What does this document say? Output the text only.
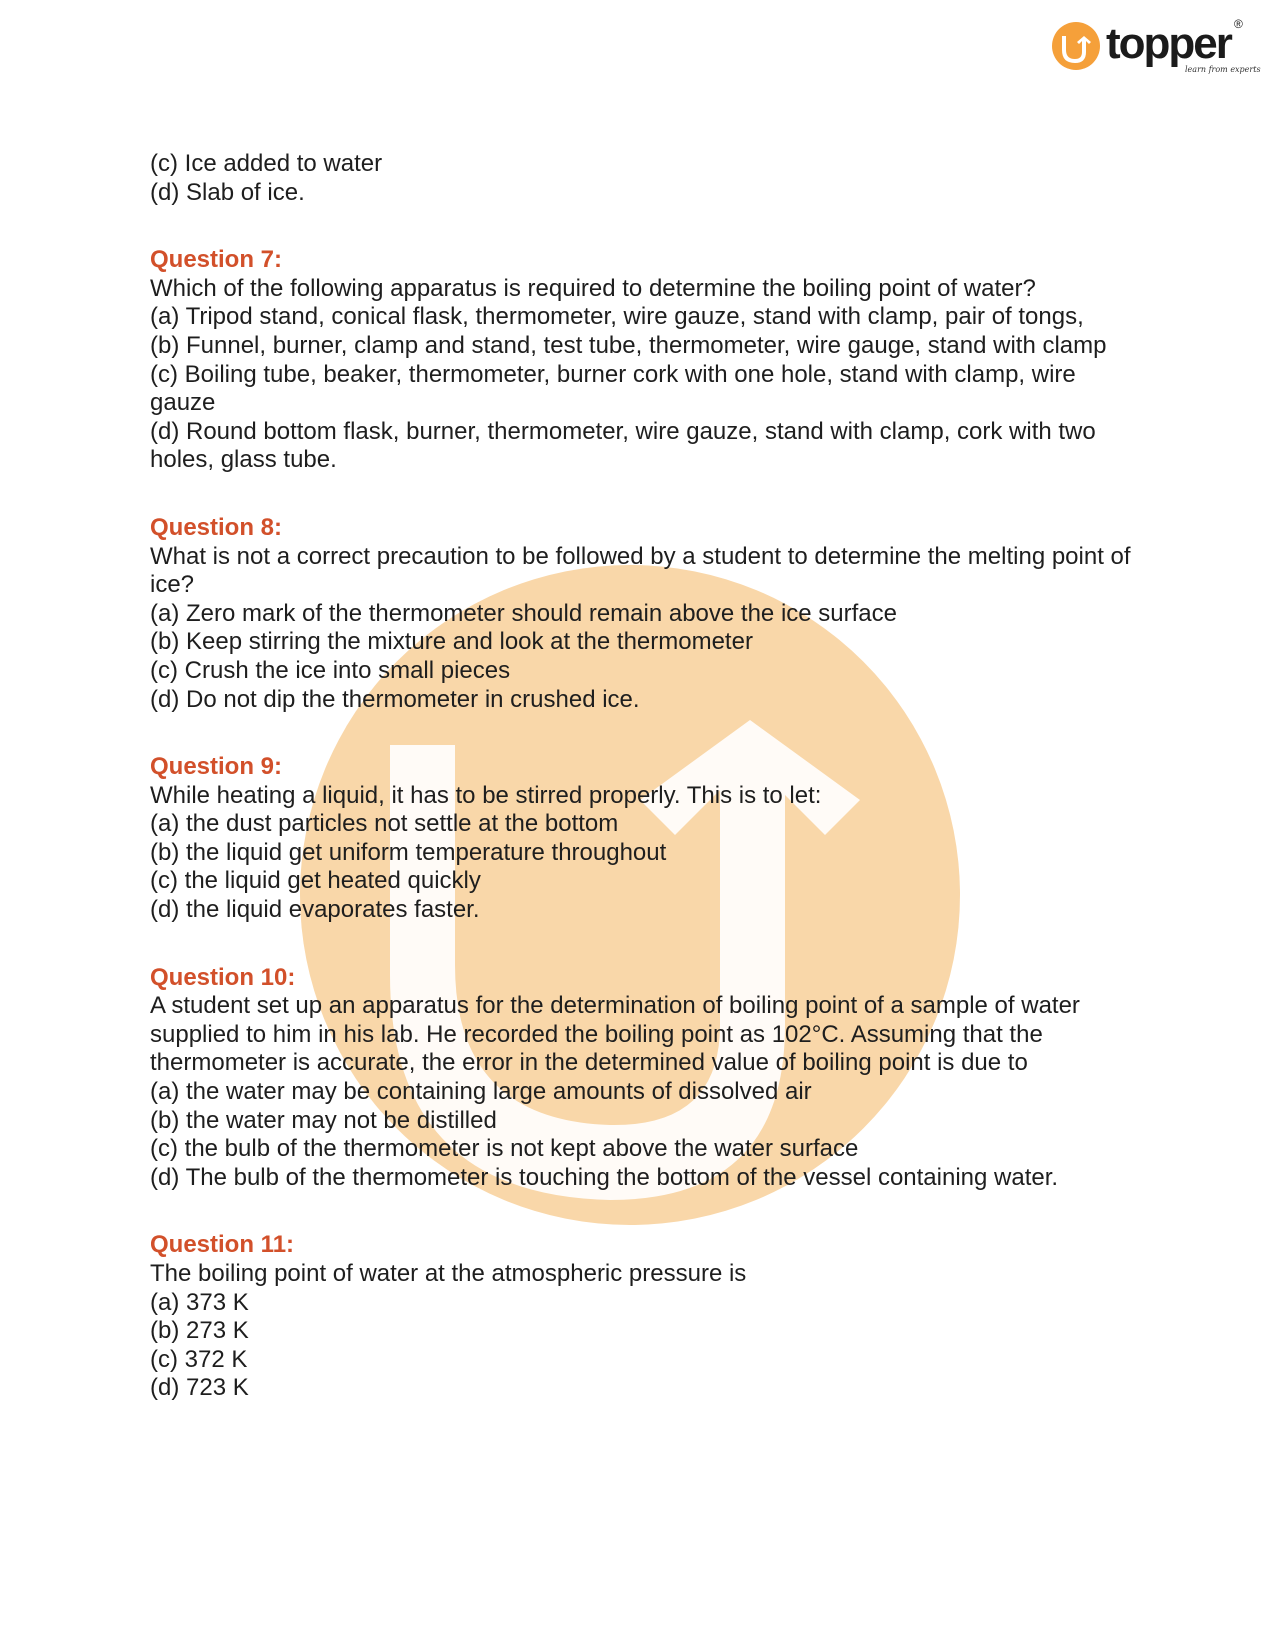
topper ®
learn from experts
(c) Ice added to water
(d) Slab of ice.
Question 7:
Which of the following apparatus is required to determine the boiling point of water?
(a) Tripod stand, conical flask, thermometer, wire gauze, stand with clamp, pair of tongs,
(b) Funnel, burner, clamp and stand, test tube, thermometer, wire gauge, stand with clamp
(c) Boiling tube, beaker, thermometer, burner cork with one hole, stand with clamp, wire gauze
(d) Round bottom flask, burner, thermometer, wire gauze, stand with clamp, cork with two holes, glass tube.
Question 8:
What is not a correct precaution to be followed by a student to determine the melting point of ice?
(a) Zero mark of the thermometer should remain above the ice surface
(b) Keep stirring the mixture and look at the thermometer
(c) Crush the ice into small pieces
(d) Do not dip the thermometer in crushed ice.
Question 9:
While heating a liquid, it has to be stirred properly. This is to let:
(a) the dust particles not settle at the bottom
(b) the liquid get uniform temperature throughout
(c) the liquid get heated quickly
(d) the liquid evaporates faster.
Question 10:
A student set up an apparatus for the determination of boiling point of a sample of water supplied to him in his lab. He recorded the boiling point as 102°C. Assuming that the thermometer is accurate, the error in the determined value of boiling point is due to
(a) the water may be containing large amounts of dissolved air
(b) the water may not be distilled
(c) the bulb of the thermometer is not kept above the water surface
(d) The bulb of the thermometer is touching the bottom of the vessel containing water.
Question 11:
The boiling point of water at the atmospheric pressure is
(a) 373 K
(b) 273 K
(c) 372 K
(d) 723 K
